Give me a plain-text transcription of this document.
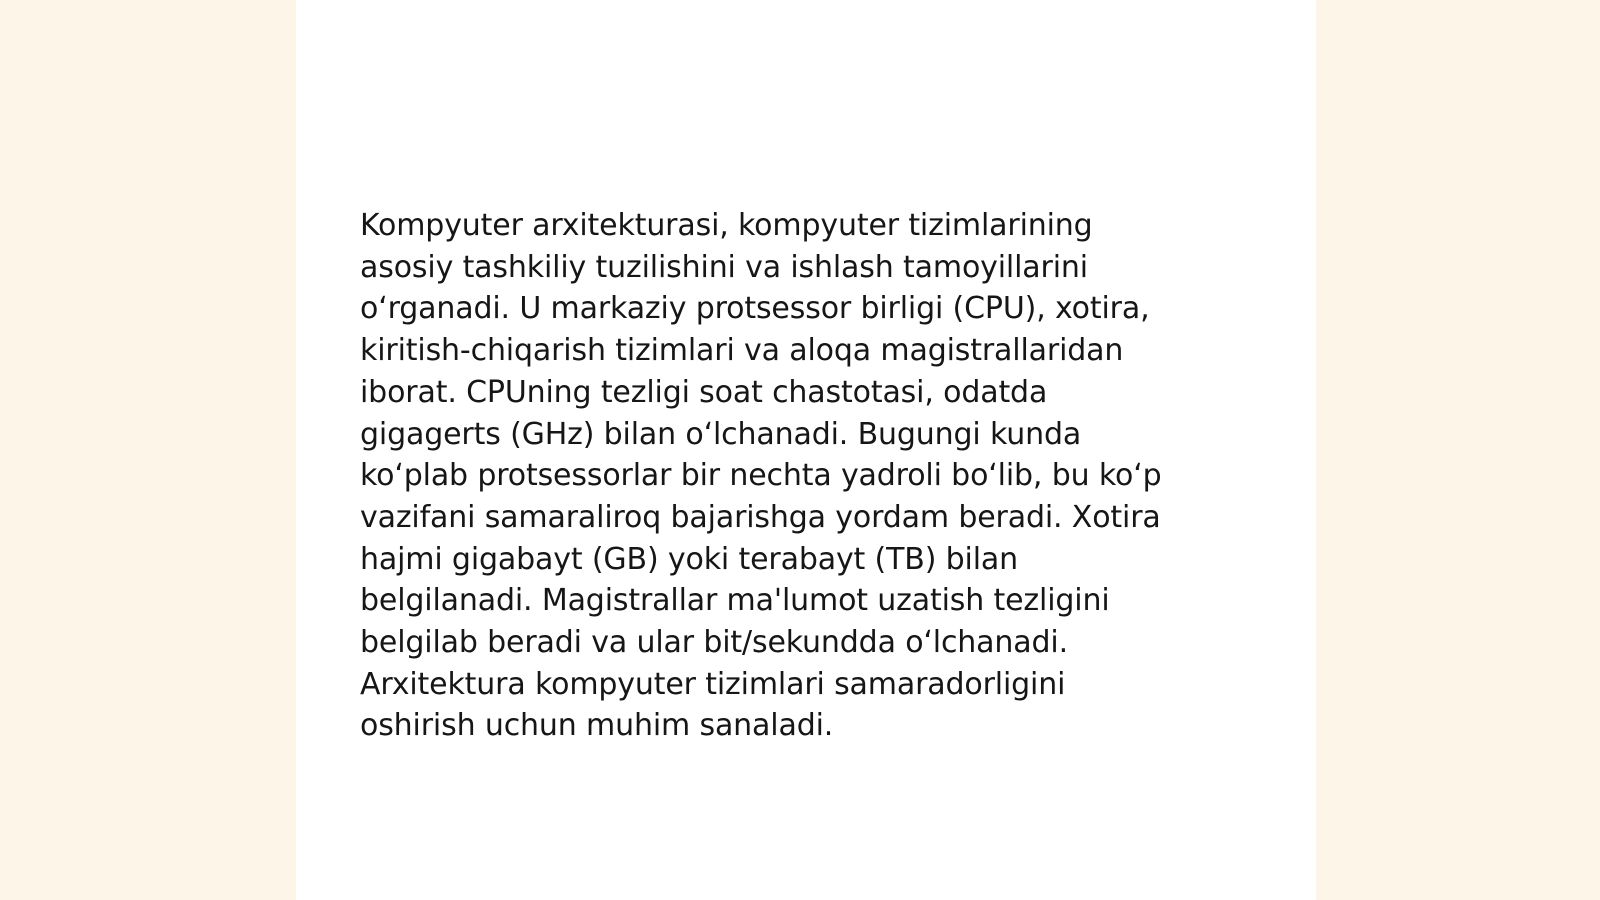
Kompyuter arxitekturasi, kompyuter tizimlarining
asosiy tashkiliy tuzilishini va ishlash tamoyillarini
o‘rganadi. U markaziy protsessor birligi (CPU), xotira,
kiritish-chiqarish tizimlari va aloqa magistrallaridan
iborat. CPUning tezligi soat chastotasi, odatda
gigagerts (GHz) bilan o‘lchanadi. Bugungi kunda
ko‘plab protsessorlar bir nechta yadroli bo‘lib, bu ko‘p
vazifani samaraliroq bajarishga yordam beradi. Xotira
hajmi gigabayt (GB) yoki terabayt (TB) bilan
belgilanadi. Magistrallar ma'lumot uzatish tezligini
belgilab beradi va ular bit/sekundda o‘lchanadi.
Arxitektura kompyuter tizimlari samaradorligini
oshirish uchun muhim sanaladi.
